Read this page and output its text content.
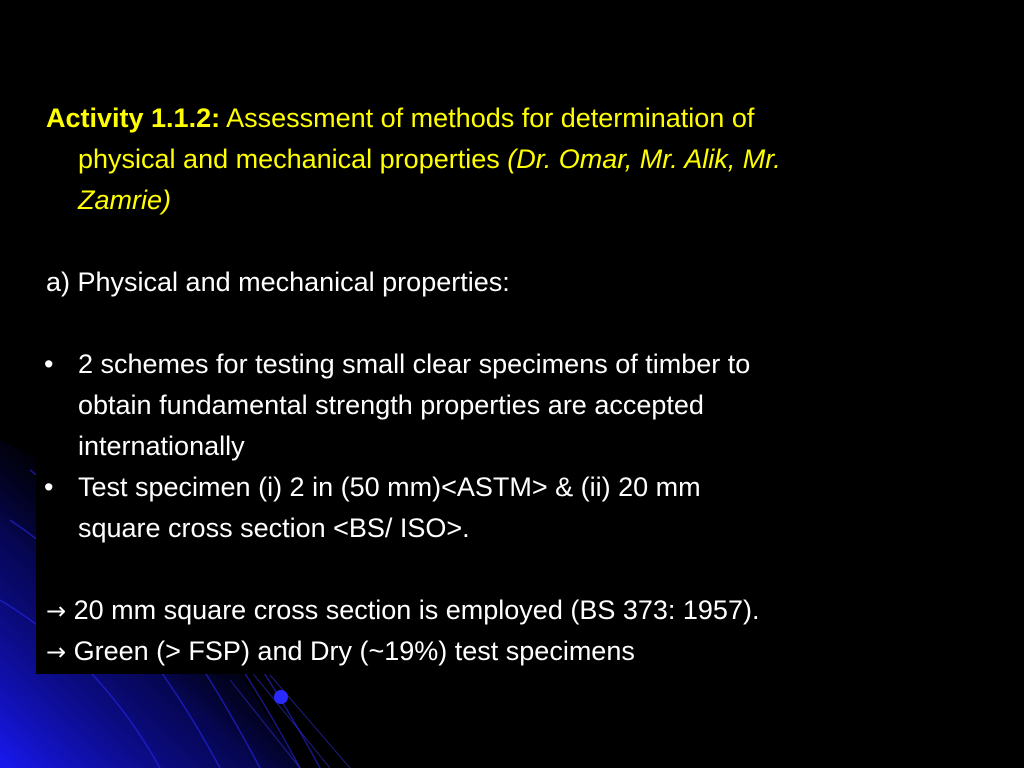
Activity 1.1.2: Assessment of methods for determination of
physical and mechanical properties (Dr. Omar, Mr. Alik, Mr.
Zamrie)
a) Physical and mechanical properties:
• 2 schemes for testing small clear specimens of timber to
obtain fundamental strength properties are accepted
internationally
• Test specimen (i) 2 in (50 mm)<ASTM> & (ii) 20 mm
square cross section <BS/ ISO>.
→ 20 mm square cross section is employed (BS 373: 1957).
→ Green (> FSP) and Dry (~19%) test specimens
